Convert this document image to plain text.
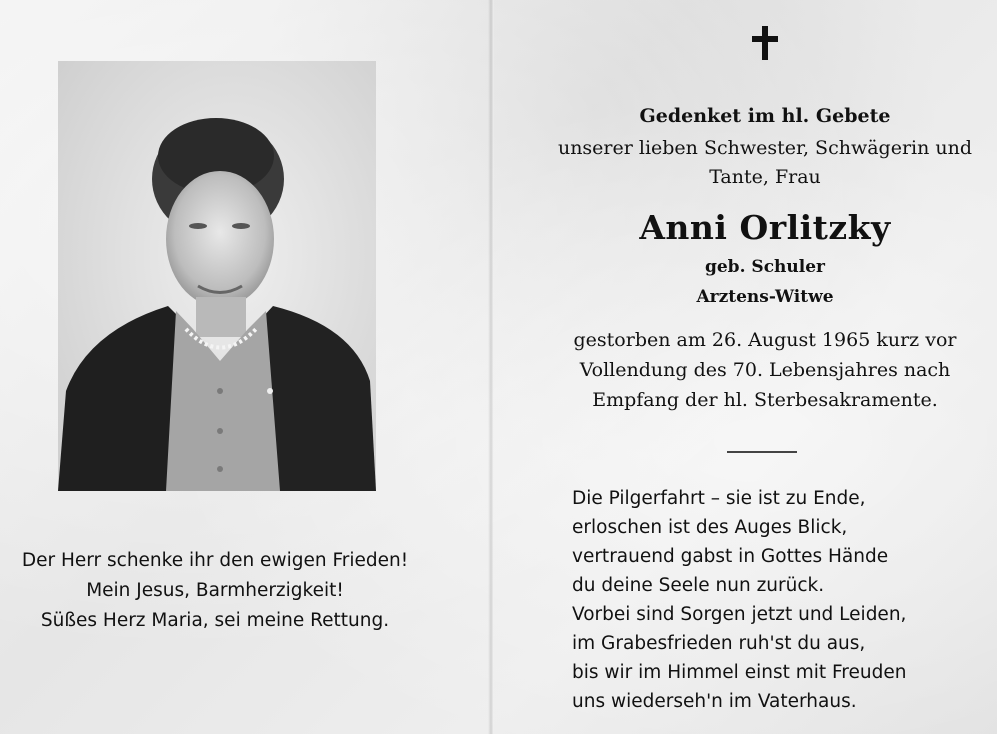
Der Herr schenke ihr den ewigen Frieden!
Mein Jesus, Barmherzigkeit!
Süßes Herz Maria, sei meine Rettung.
Gedenket im hl. Gebete
unserer lieben Schwester, Schwägerin und
Tante, Frau
Anni Orlitzky
geb. Schuler
Arztens-Witwe
gestorben am 26. August 1965 kurz vor
Vollendung des 70. Lebensjahres nach
Empfang der hl. Sterbesakramente.
Die Pilgerfahrt – sie ist zu Ende,
erloschen ist des Auges Blick,
vertrauend gabst in Gottes Hände
du deine Seele nun zurück.
Vorbei sind Sorgen jetzt und Leiden,
im Grabesfrieden ruh'st du aus,
bis wir im Himmel einst mit Freuden
uns wiederseh'n im Vaterhaus.
